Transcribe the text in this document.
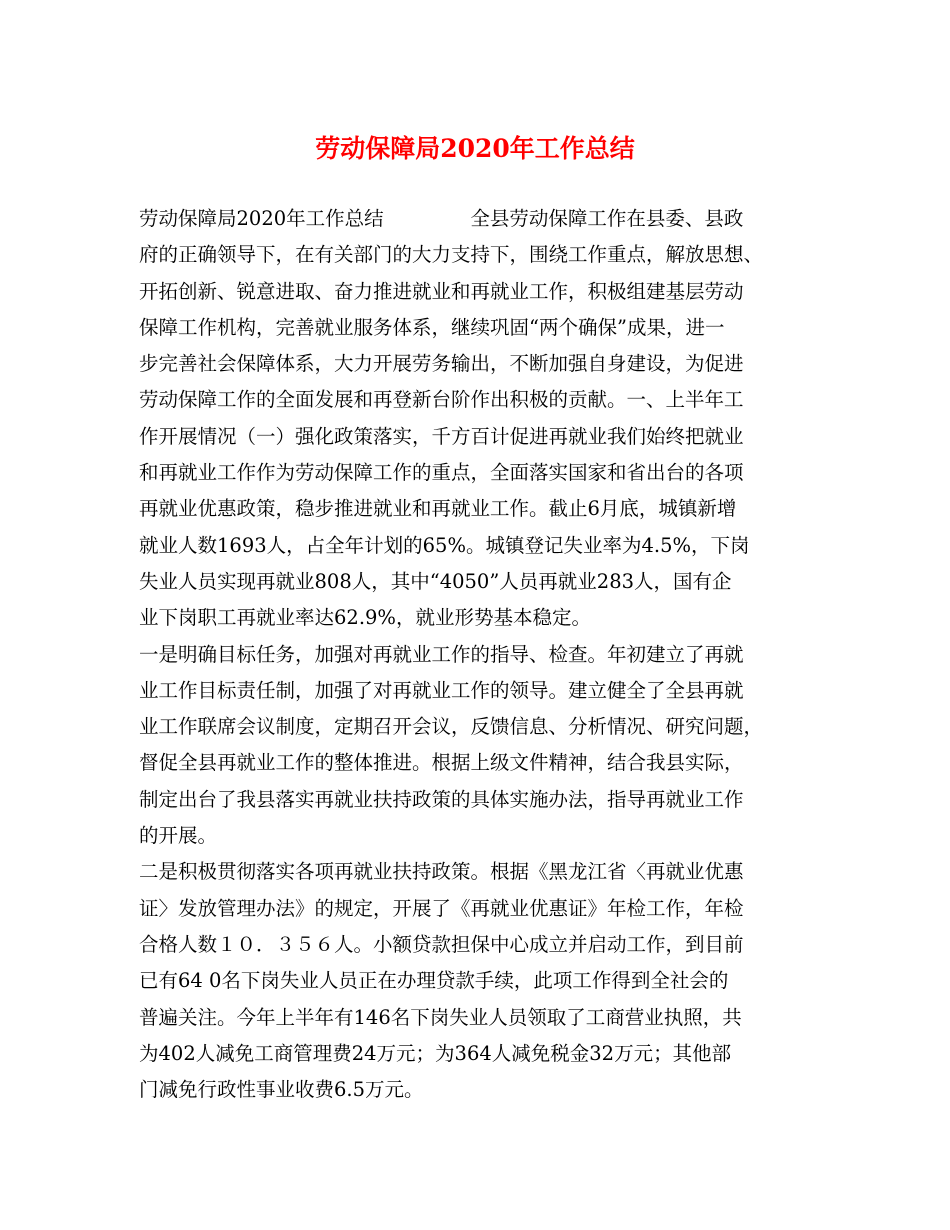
劳动保障局2020年工作总结
劳动保障局2020年工作总结              全县劳动保障工作在县委、县政
府的正确领导下，在有关部门的大力支持下，围绕工作重点，解放思想、
开拓创新、锐意进取、奋力推进就业和再就业工作，积极组建基层劳动
保障工作机构，完善就业服务体系，继续巩固“两个确保”成果，进一
步完善社会保障体系，大力开展劳务输出，不断加强自身建设，为促进
劳动保障工作的全面发展和再登新台阶作出积极的贡献。一、上半年工
作开展情况（一）强化政策落实，千方百计促进再就业我们始终把就业
和再就业工作作为劳动保障工作的重点，全面落实国家和省出台的各项
再就业优惠政策，稳步推进就业和再就业工作。截止6月底，城镇新增
就业人数1693人，占全年计划的65%。城镇登记失业率为4.5%，下岗
失业人员实现再就业808人，其中“4050”人员再就业283人，国有企
业下岗职工再就业率达62.9%，就业形势基本稳定。
一是明确目标任务，加强对再就业工作的指导、检查。年初建立了再就
业工作目标责任制，加强了对再就业工作的领导。建立健全了全县再就
业工作联席会议制度，定期召开会议，反馈信息、分析情况、研究问题，
督促全县再就业工作的整体推进。根据上级文件精神，结合我县实际，
制定出台了我县落实再就业扶持政策的具体实施办法，指导再就业工作
的开展。
二是积极贯彻落实各项再就业扶持政策。根据《黑龙江省〈再就业优惠
证〉发放管理办法》的规定，开展了《再就业优惠证》年检工作，年检
合格人数１０．３５６人。小额贷款担保中心成立并启动工作，到目前
已有64 0名下岗失业人员正在办理贷款手续，此项工作得到全社会的
普遍关注。今年上半年有146名下岗失业人员领取了工商营业执照，共
为402人减免工商管理费24万元；为364人减免税金32万元；其他部
门减免行政性事业收费6.5万元。
